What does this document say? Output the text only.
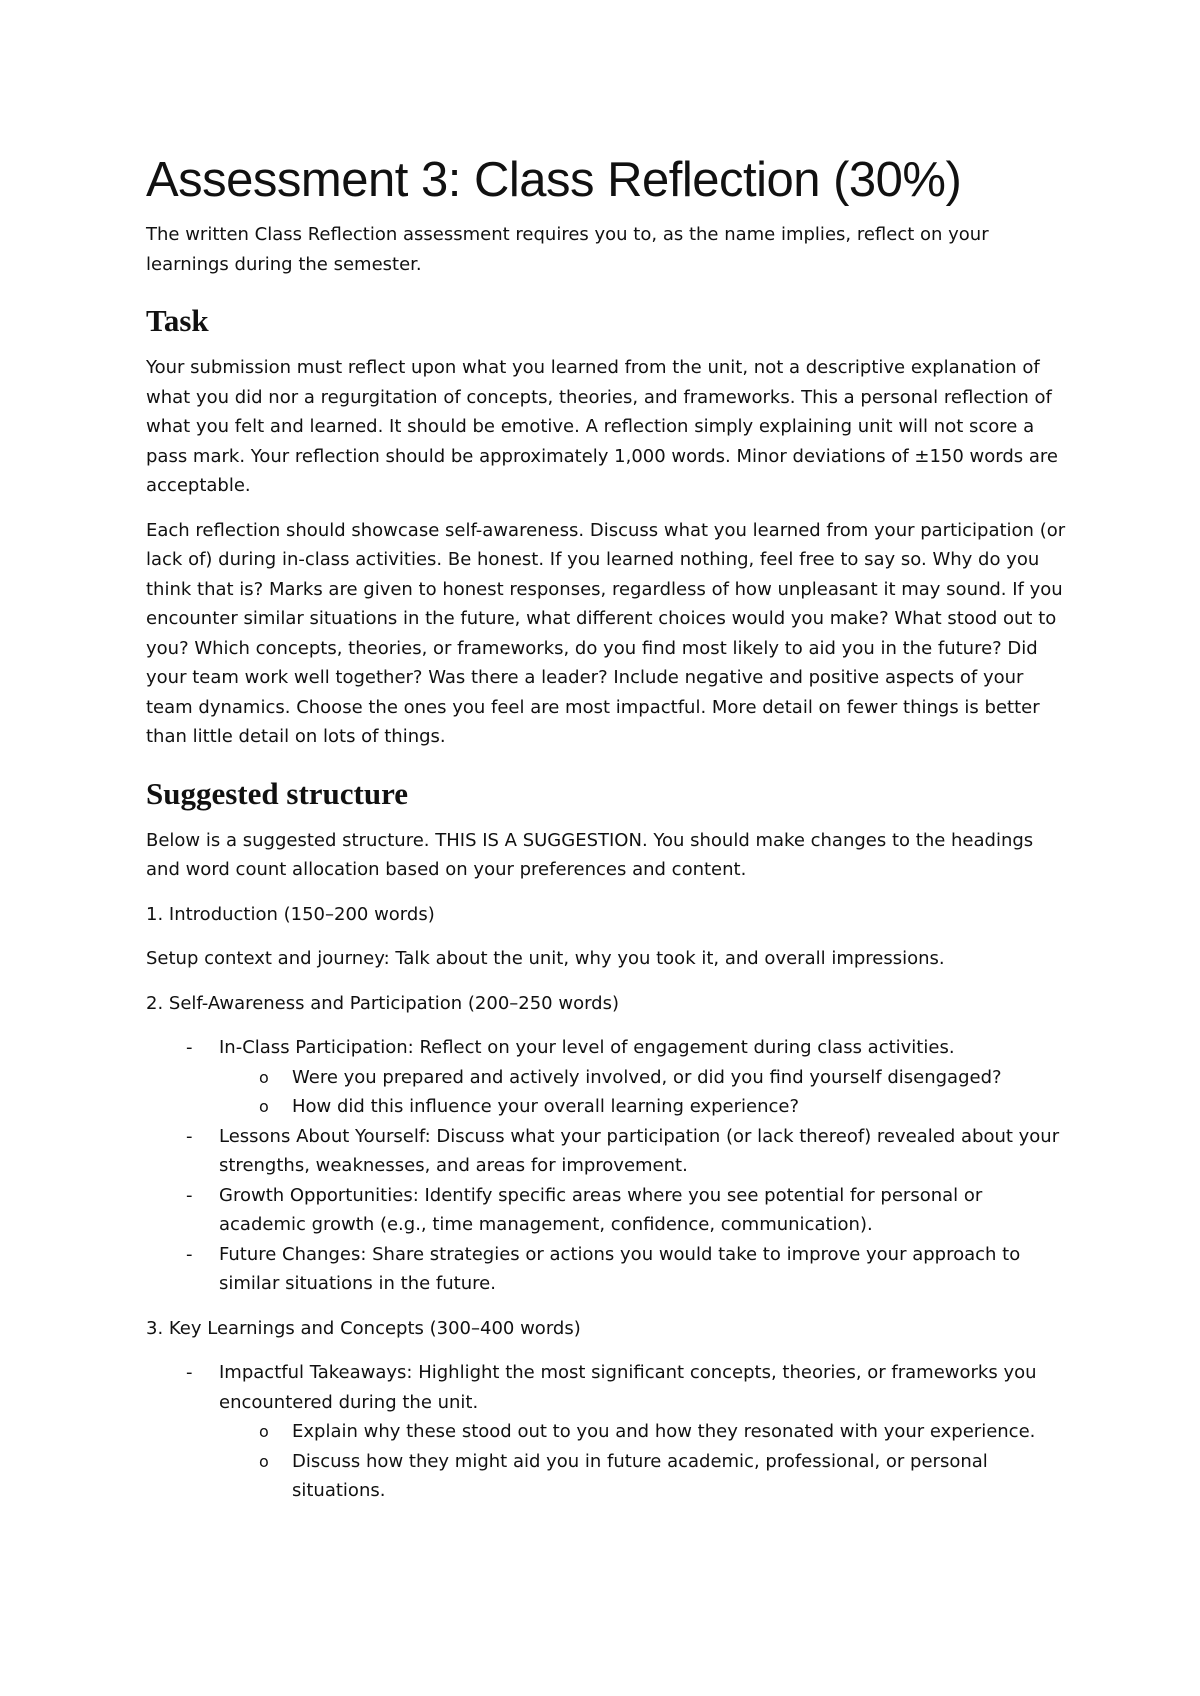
Assessment 3: Class Reflection (30%)

The written Class Reflection assessment requires you to, as the name implies, reflect on your learnings during the semester.

Task

Your submission must reflect upon what you learned from the unit, not a descriptive explanation of what you did nor a regurgitation of concepts, theories, and frameworks. This a personal reflection of what you felt and learned. It should be emotive. A reflection simply explaining unit will not score a pass mark. Your reflection should be approximately 1,000 words. Minor deviations of ±150 words are acceptable.

Each reflection should showcase self-awareness. Discuss what you learned from your participation (or lack of) during in-class activities. Be honest. If you learned nothing, feel free to say so. Why do you think that is? Marks are given to honest responses, regardless of how unpleasant it may sound. If you encounter similar situations in the future, what different choices would you make? What stood out to you? Which concepts, theories, or frameworks, do you find most likely to aid you in the future? Did your team work well together? Was there a leader? Include negative and positive aspects of your team dynamics. Choose the ones you feel are most impactful. More detail on fewer things is better than little detail on lots of things.

Suggested structure

Below is a suggested structure. THIS IS A SUGGESTION. You should make changes to the headings and word count allocation based on your preferences and content.

1. Introduction (150–200 words)

Setup context and journey: Talk about the unit, why you took it, and overall impressions.

2. Self-Awareness and Participation (200–250 words)

- In-Class Participation: Reflect on your level of engagement during class activities.
o Were you prepared and actively involved, or did you find yourself disengaged?
o How did this influence your overall learning experience?
- Lessons About Yourself: Discuss what your participation (or lack thereof) revealed about your strengths, weaknesses, and areas for improvement.
- Growth Opportunities: Identify specific areas where you see potential for personal or academic growth (e.g., time management, confidence, communication).
- Future Changes: Share strategies or actions you would take to improve your approach to similar situations in the future.

3. Key Learnings and Concepts (300–400 words)

- Impactful Takeaways: Highlight the most significant concepts, theories, or frameworks you encountered during the unit.
o Explain why these stood out to you and how they resonated with your experience.
o Discuss how they might aid you in future academic, professional, or personal situations.
